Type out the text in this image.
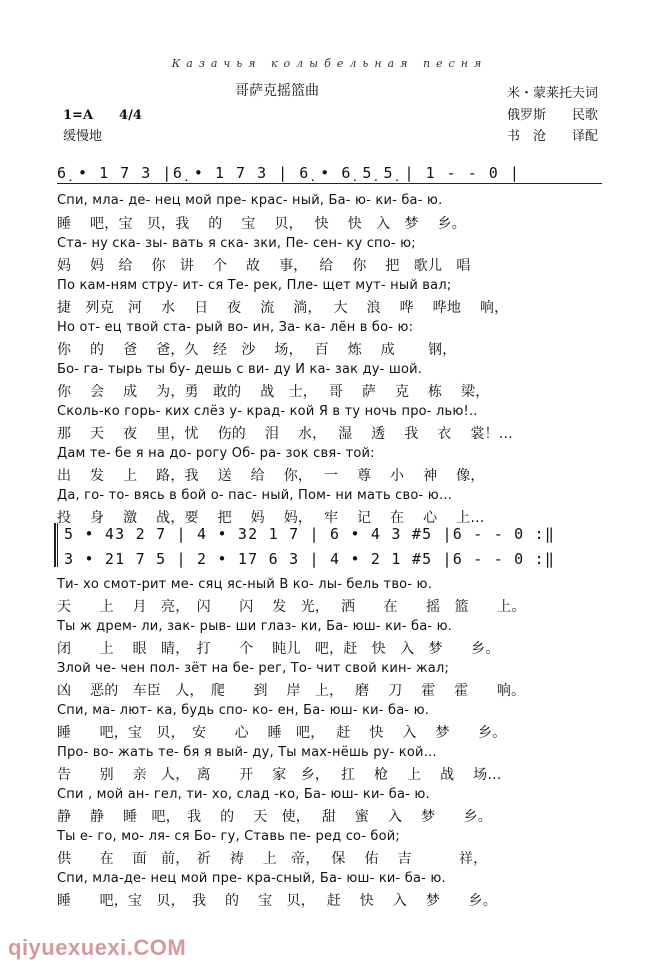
Казачья колыбельная песня
哥萨克摇篮曲	米・蒙莱托夫词
俄罗斯　　民歌
书　沧　　译配
1=A　　4/4
缓慢地
6̣ • 1 7 3 |6̣ • 1 7 3 | 6̣ • 6̣ 5̣ 5̣ | 1 - - 0 |
Спи, мла- де- нец мой пре- крас- ный, Ба- ю- ки- ба- ю.
睡　 吧，宝　贝，我　 的　 宝　 贝，　 快　 快　入　梦　 乡。
Ста- ну ска- зы- вать я ска- зки, Пе- сен- ку спо- ю;
妈　 妈　给　 你　讲　 个　 故　 事，　 给　 你　 把　歌儿　唱
По кам-ням стру- ит- ся Те- рек, Пле- щет мут- ный вал;
捷　列克　河　 水　 日　 夜　 流　 淌，　 大　 浪　 哗　 哗地　 响，
Но от- ец твой ста- рый во- ин, За- ка- лён в бо- ю:
你　 的　 爸　 爸，久　经　沙　 场，　 百　 炼　 成　　 钢，
Бо- га- тырь ты бу- дешь с ви- ду И ка- зак ду- шой.
你　 会　 成　 为，勇　敢的　 战　士，　 哥　 萨　 克　 栋　 梁，
Сколь-ко горь- ких слёз у- крад- кой Я в ту ночь про- лью!..
那　 天　 夜　 里，忧　 伤的　 泪　 水，　 湿　 透　 我　 衣　 裳！…
Дам те- бе я на до- рогу Об- ра- зок свя- той:
出　 发　 上　 路，我　 送　 给　 你，　 一　 尊　 小　 神　 像，
Да, го- то- вясь в бой о- пас- ный, Пом- ни мать сво- ю…
投　 身　 激　 战，要　 把　 妈　 妈，　 牢　 记　 在　 心　 上…
5 • 43 2 7 | 4 • 32 1 7 | 6 • 4 3 #5 |6 - - 0 :‖
3 • 21 7 5 | 2 • 17 6 3 | 4 • 2 1 #5 |6 - - 0 :‖
Ти- хо смот-рит ме- сяц яс-ный В ко- лы- бель тво- ю.
天　　上　 月　亮，　闪　　闪　 发　光，　 洒　　在　　摇　篮　　上。
Ты ж дрем- ли, зак- рыв- ши глаз- ки, Ба- юш- ки- ба- ю.
闭　　上　 眼　睛，　打　　个　 盹儿　吧，赶　快　入　梦　　乡。
Злой че- чен пол- зёт на бе- рег, То- чит свой кин- жал;
凶　 恶的　车臣　人，　爬　　到　 岸　上，　 磨　 刀　 霍　 霍　　响。
Спи, ма- лют- ка, будь спо- ко- ен, Ба- юш- ки- ба- ю.
睡　　吧，宝　贝，　安　　心　 睡　吧，　 赶　 快　 入　 梦　　乡。
Про- во- жать те- бя я вый- ду, Ты мах-нёшь ру- кой…
告　　别　 亲　人，　离　　开　 家　乡，　 扛　 枪　 上　 战　 场…
Спи , мой ан- гел, ти- хо, слад -ко, Ба- юш- ки- ба- ю.
静　 静　 睡　吧，　我　 的　 天　使，　 甜　 蜜　 入　 梦　　乡。
Ты е- го, мо- ля- ся Бо- гу, Ставь пе- ред со- бой;
供　　在　 面　前，　祈　 祷　 上　帝，　 保　 佑　 吉　　　 祥，
Спи, мла-де- нец мой пре- кра-сный, Ба- юш- ки- ба- ю.
睡　　吧，宝　贝，　我　 的　 宝　贝，　 赶　 快　 入　 梦　　乡。
qiyuexuexi.COM
